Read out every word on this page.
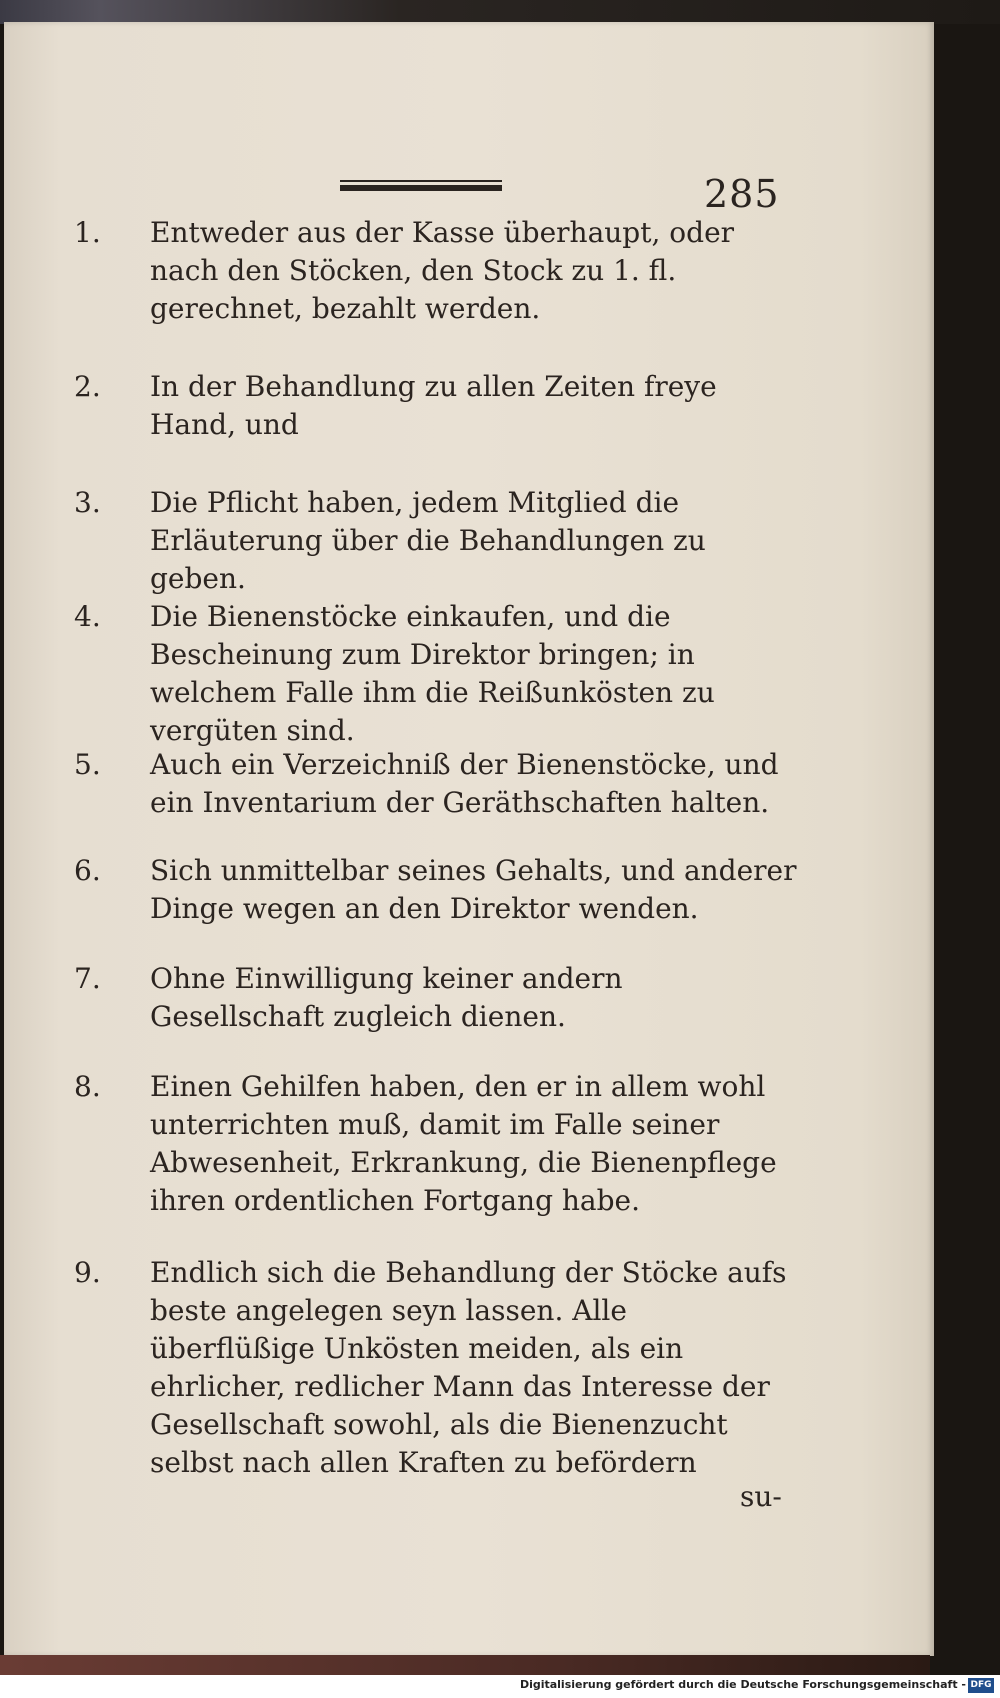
285
1.	Entweder aus der Kasse überhaupt, oder nach den Stöcken, den Stock zu 1. fl. gerechnet, bezahlt werden.
2.	In der Behandlung zu allen Zeiten freye Hand, und
3.	Die Pflicht haben, jedem Mitglied die Erläuterung über die Behandlungen zu geben.
4.	Die Bienenstöcke einkaufen, und die Bescheinung zum Direktor bringen; in welchem Falle ihm die Reißunkösten zu vergüten sind.
5.	Auch ein Verzeichniß der Bienenstöcke, und ein Inventarium der Geräthschaften halten.
6.	Sich unmittelbar seines Gehalts, und anderer Dinge wegen an den Direktor wenden.
7.	Ohne Einwilligung keiner andern Gesellschaft zugleich dienen.
8.	Einen Gehilfen haben, den er in allem wohl unterrichten muß, damit im Falle seiner Abwesenheit, Erkrankung, die Bienenpflege ihren ordentlichen Fortgang habe.
9.	Endlich sich die Behandlung der Stöcke aufs beste angelegen seyn lassen. Alle überflüßige Unkösten meiden, als ein ehrlicher, redlicher Mann das Interesse der Gesellschaft sowohl, als die Bienenzucht selbst nach allen Kraften zu befördern
su-
Digitalisierung gefördert durch die Deutsche Forschungsgemeinschaft - DFG
